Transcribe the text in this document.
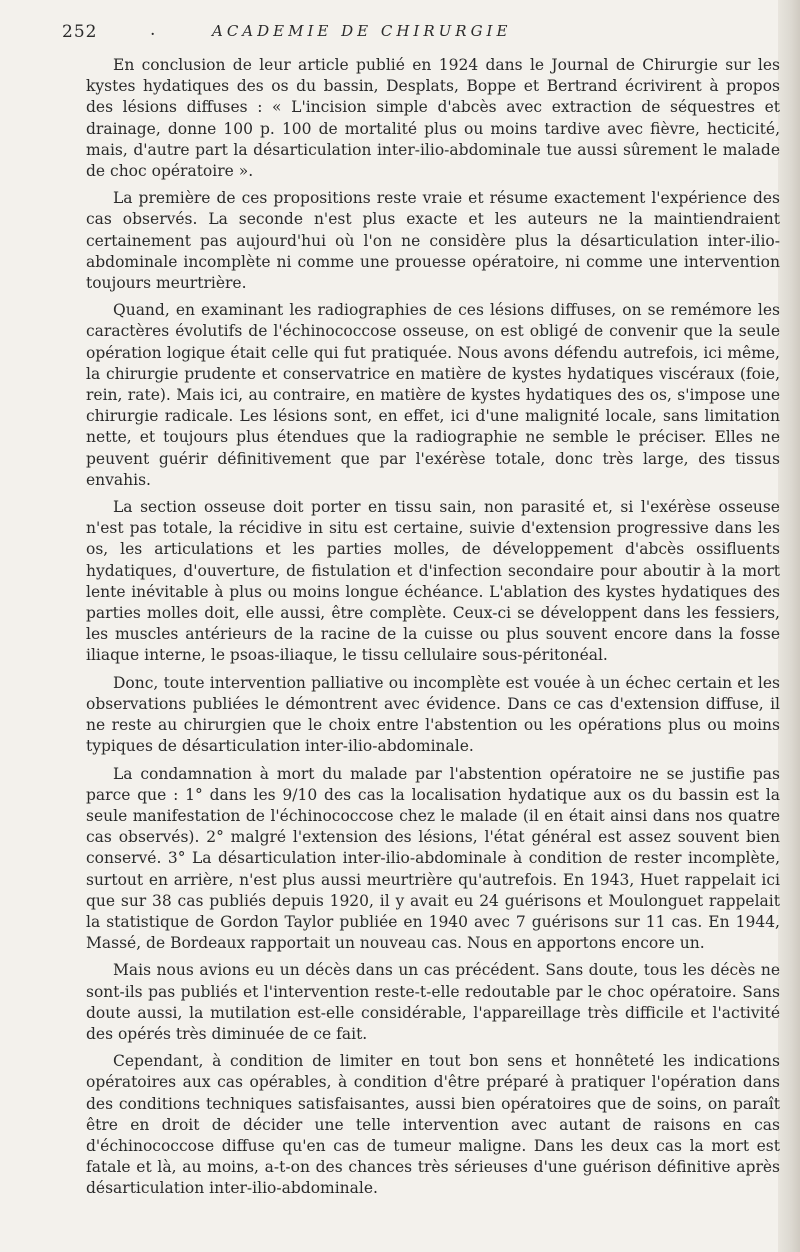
252	.	ACADEMIE DE CHIRURGIE

En conclusion de leur article publié en 1924 dans le Journal de Chirurgie sur les kystes hydatiques des os du bassin, Desplats, Boppe et Bertrand écrivirent à propos des lésions diffuses : « L'incision simple d'abcès avec extraction de séquestres et drainage, donne 100 p. 100 de mortalité plus ou moins tardive avec fièvre, hecticité, mais, d'autre part la désarticulation inter-ilio-abdominale tue aussi sûrement le malade de choc opératoire ».

La première de ces propositions reste vraie et résume exactement l'expérience des cas observés. La seconde n'est plus exacte et les auteurs ne la maintiendraient certainement pas aujourd'hui où l'on ne considère plus la désarticulation inter-ilio-abdominale incomplète ni comme une prouesse opératoire, ni comme une intervention toujours meurtrière.

Quand, en examinant les radiographies de ces lésions diffuses, on se remémore les caractères évolutifs de l'échinococcose osseuse, on est obligé de convenir que la seule opération logique était celle qui fut pratiquée. Nous avons défendu autrefois, ici même, la chirurgie prudente et conservatrice en matière de kystes hydatiques viscéraux (foie, rein, rate). Mais ici, au contraire, en matière de kystes hydatiques des os, s'impose une chirurgie radicale. Les lésions sont, en effet, ici d'une malignité locale, sans limitation nette, et toujours plus étendues que la radiographie ne semble le préciser. Elles ne peuvent guérir définitivement que par l'exérèse totale, donc très large, des tissus envahis.

La section osseuse doit porter en tissu sain, non parasité et, si l'exérèse osseuse n'est pas totale, la récidive in situ est certaine, suivie d'extension progressive dans les os, les articulations et les parties molles, de développement d'abcès ossifluents hydatiques, d'ouverture, de fistulation et d'infection secondaire pour aboutir à la mort lente inévitable à plus ou moins longue échéance. L'ablation des kystes hydatiques des parties molles doit, elle aussi, être complète. Ceux-ci se développent dans les fessiers, les muscles antérieurs de la racine de la cuisse ou plus souvent encore dans la fosse iliaque interne, le psoas-iliaque, le tissu cellulaire sous-péritonéal.

Donc, toute intervention palliative ou incomplète est vouée à un échec certain et les observations publiées le démontrent avec évidence. Dans ce cas d'extension diffuse, il ne reste au chirurgien que le choix entre l'abstention ou les opérations plus ou moins typiques de désarticulation inter-ilio-abdominale.

La condamnation à mort du malade par l'abstention opératoire ne se justifie pas parce que : 1° dans les 9/10 des cas la localisation hydatique aux os du bassin est la seule manifestation de l'échinococcose chez le malade (il en était ainsi dans nos quatre cas observés). 2° malgré l'extension des lésions, l'état général est assez souvent bien conservé. 3° La désarticulation inter-ilio-abdominale à condition de rester incomplète, surtout en arrière, n'est plus aussi meurtrière qu'autrefois. En 1943, Huet rappelait ici que sur 38 cas publiés depuis 1920, il y avait eu 24 guérisons et Moulonguet rappelait la statistique de Gordon Taylor publiée en 1940 avec 7 guérisons sur 11 cas. En 1944, Massé, de Bordeaux rapportait un nouveau cas. Nous en apportons encore un.

Mais nous avions eu un décès dans un cas précédent. Sans doute, tous les décès ne sont-ils pas publiés et l'intervention reste-t-elle redoutable par le choc opératoire. Sans doute aussi, la mutilation est-elle considérable, l'appareillage très difficile et l'activité des opérés très diminuée de ce fait.

Cependant, à condition de limiter en tout bon sens et honnêteté les indications opératoires aux cas opérables, à condition d'être préparé à pratiquer l'opération dans des conditions techniques satisfaisantes, aussi bien opératoires que de soins, on paraît être en droit de décider une telle intervention avec autant de raisons en cas d'échinococcose diffuse qu'en cas de tumeur maligne. Dans les deux cas la mort est fatale et là, au moins, a-t-on des chances très sérieuses d'une guérison définitive après désarticulation inter-ilio-abdominale.
